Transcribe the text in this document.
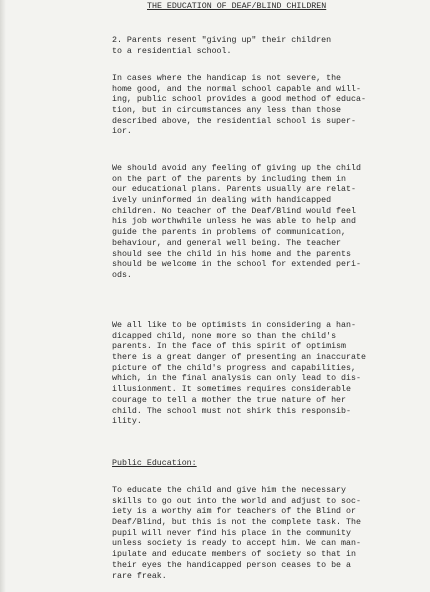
THE EDUCATION OF DEAF/BLIND CHILDREN
2. Parents resent "giving up" their children
to a residential school.
In cases where the handicap is not severe, the
home good, and the normal school capable and will-
ing, public school provides a good method of educa-
tion, but in circumstances any less than those
described above, the residential school is super-
ior.
We should avoid any feeling of giving up the child
on the part of the parents by including them in
our educational plans. Parents usually are relat-
ively uninformed in dealing with handicapped
children. No teacher of the Deaf/Blind would feel
his job worthwhile unless he was able to help and
guide the parents in problems of communication,
behaviour, and general well being. The teacher
should see the child in his home and the parents
should be welcome in the school for extended peri-
ods.
We all like to be optimists in considering a han-
dicapped child, none more so than the child's
parents. In the face of this spirit of optimism
there is a great danger of presenting an inaccurate
picture of the child's progress and capabilities,
which, in the final analysis can only lead to dis-
illusionment. It sometimes requires considerable
courage to tell a mother the true nature of her
child. The school must not shirk this responsib-
ility.
Public Education:
To educate the child and give him the necessary
skills to go out into the world and adjust to soc-
iety is a worthy aim for teachers of the Blind or
Deaf/Blind, but this is not the complete task. The
pupil will never find his place in the community
unless society is ready to accept him. We can man-
ipulate and educate members of society so that in
their eyes the handicapped person ceases to be a
rare freak.
